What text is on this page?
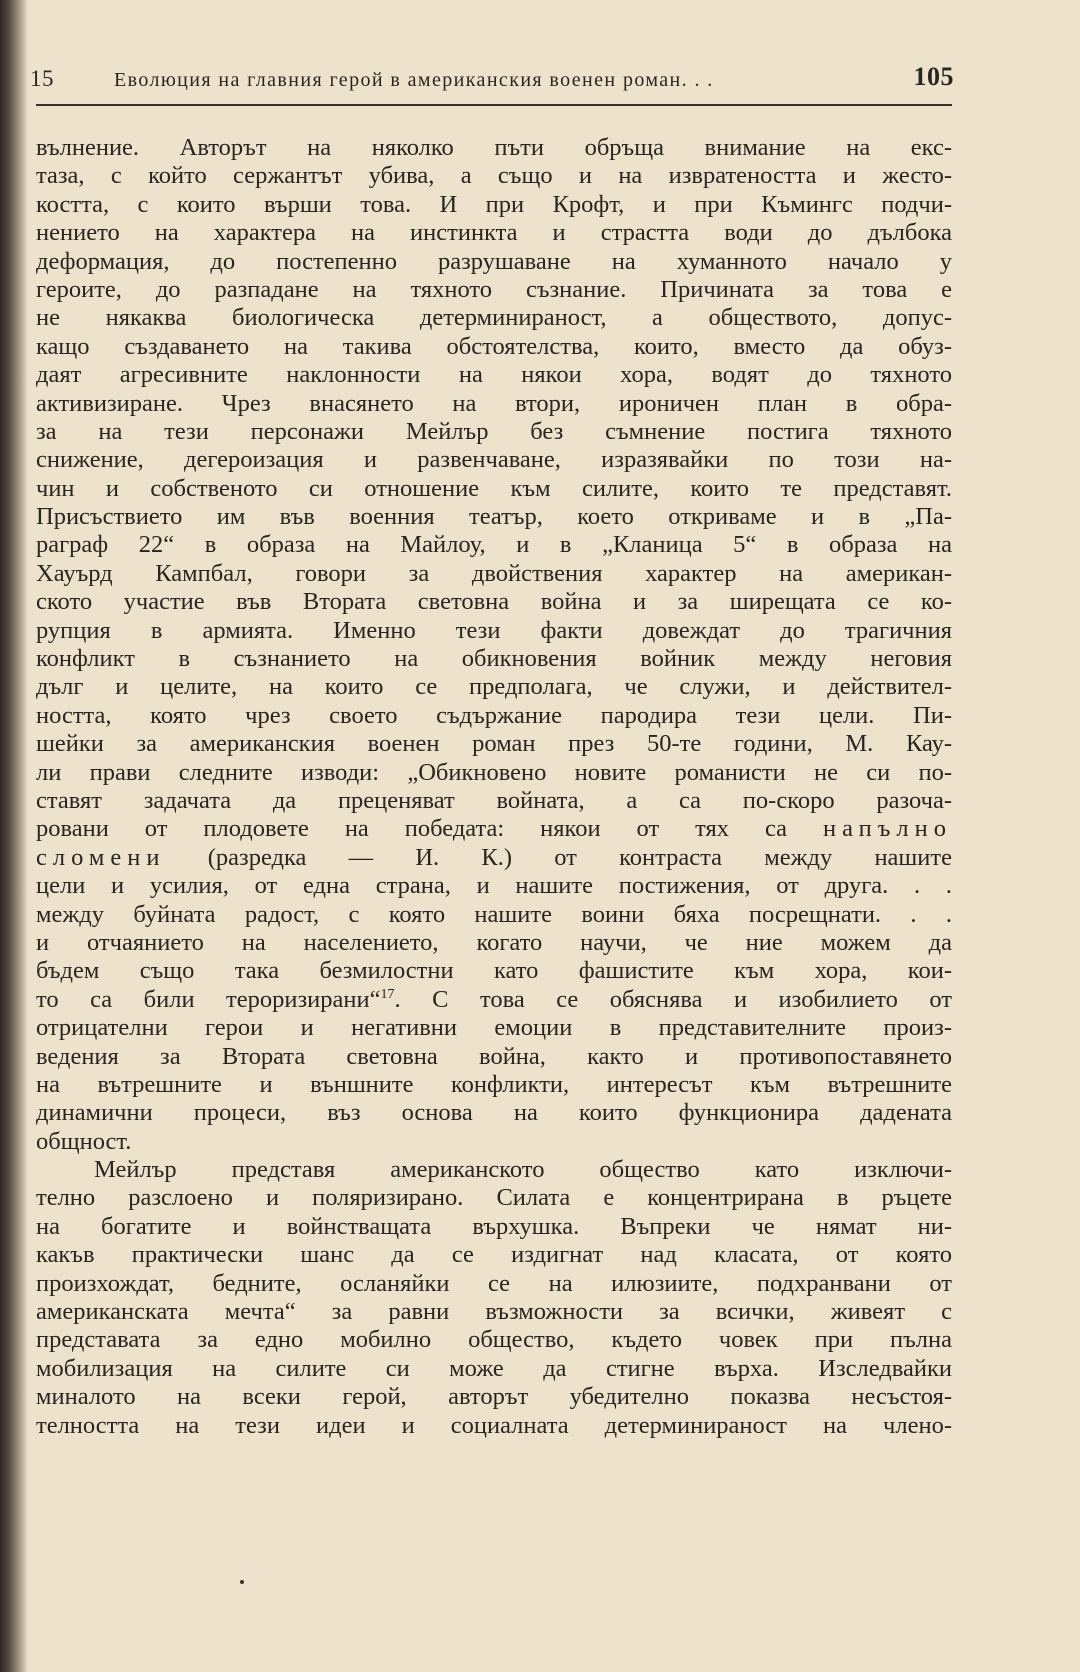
15	Еволюция на главния герой в американския военен роман. . .	105
вълнение. Авторът на няколко пъти обръща внимание на екс-
таза, с който сержантът убива, а също и на извратеността и жесто-
костта, с които върши това. И при Крофт, и при Къмингс подчи-
нението на характера на инстинкта и страстта води до дълбока
деформация, до постепенно разрушаване на хуманното начало у
героите, до разпадане на тяхното съзнание. Причината за това е
не някаква биологическа детерминираност, а обществото, допус-
кащо създаването на такива обстоятелства, които, вместо да обуз-
даят агресивните наклонности на някои хора, водят до тяхното
активизиране. Чрез внасянето на втори, ироничен план в обра-
за на тези персонажи Мейлър без съмнение постига тяхното
снижение, дегероизация и развенчаване, изразявайки по този на-
чин и собственото си отношение към силите, които те представят.
Присъствието им във военния театър, което откриваме и в „Па-
раграф 22“ в образа на Майлоу, и в „Кланица 5“ в образа на
Хауърд Кампбал, говори за двойствения характер на американ-
ското участие във Втората световна война и за ширещата се ко-
рупция в армията. Именно тези факти довеждат до трагичния
конфликт в съзнанието на обикновения войник между неговия
дълг и целите, на които се предполага, че служи, и действител-
ността, която чрез своето съдържание пародира тези цели. Пи-
шейки за американския военен роман през 50-те години, М. Кау-
ли прави следните изводи: „Обикновено новите романисти не си по-
ставят задачата да преценяват войната, а са по-скоро разоча-
ровани от плодовете на победата: някои от тях са напълно
сломени (разредка — И. К.) от контраста между нашите
цели и усилия, от една страна, и нашите постижения, от друга. . .
между буйната радост, с която нашите воини бяха посрещнати. . .
и отчаянието на населението, когато научи, че ние можем да
бъдем също така безмилостни като фашистите към хора, кои-
то са били тероризирани“$^{17}$. С това се обяснява и изобилието от
отрицателни герои и негативни емоции в представителните произ-
ведения за Втората световна война, както и противопоставянето
на вътрешните и външните конфликти, интересът към вътрешните
динамични процеси, въз основа на които функционира дадената
общност.
Мейлър представя американското общество като изключи-
телно разслоено и поляризирано. Силата е концентрирана в ръцете
на богатите и войнстващата върхушка. Въпреки че нямат ни-
какъв практически шанс да се издигнат над класата, от която
произхождат, бедните, осланяйки се на илюзиите, подхранвани от
американската мечта“ за равни възможности за всички, живеят с
представата за едно мобилно общество, където човек при пълна
мобилизация на силите си може да стигне върха. Изследвайки
миналото на всеки герой, авторът убедително показва несъстоя-
телността на тези идеи и социалната детерминираност на члено-
